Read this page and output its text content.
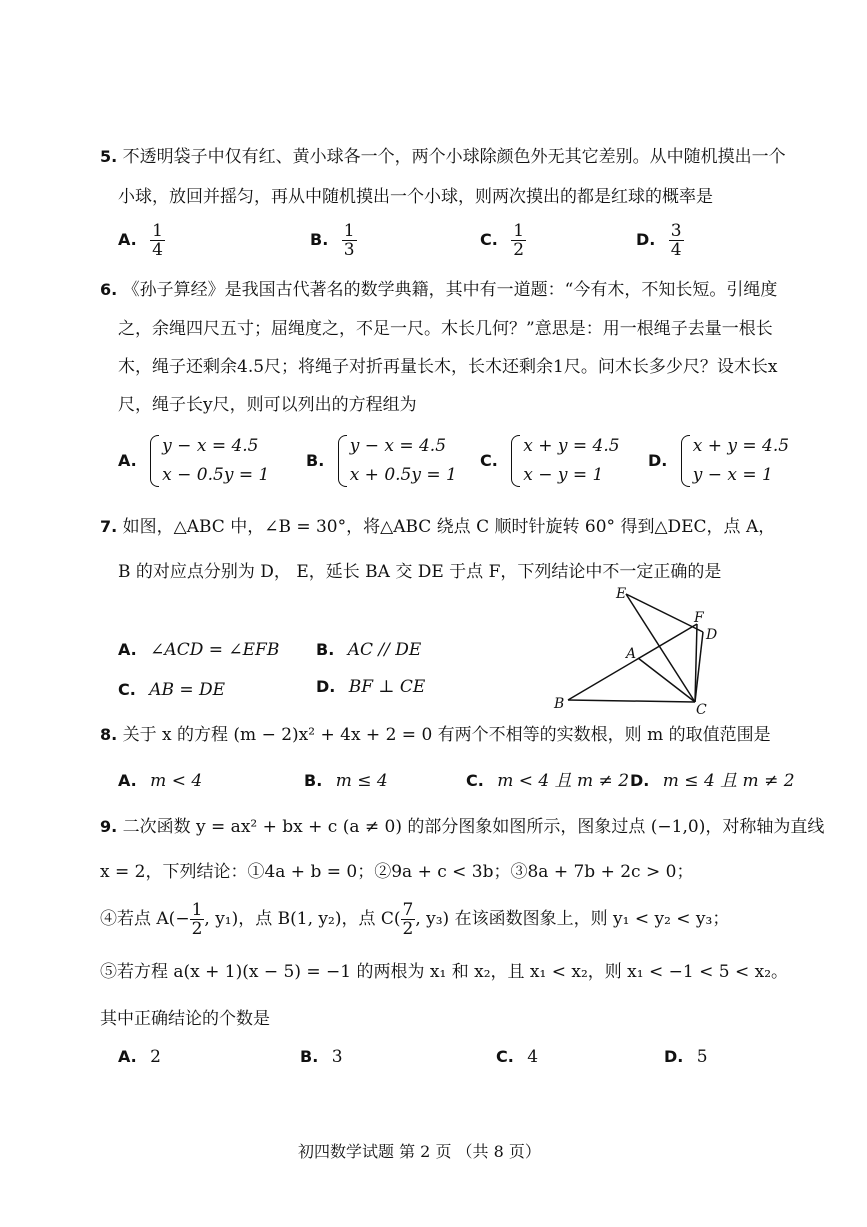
5. 不透明袋子中仅有红、黄小球各一个，两个小球除颜色外无其它差别。从中随机摸出一个
小球，放回并摇匀，再从中随机摸出一个小球，则两次摸出的都是红球的概率是
A. $\frac{1}{4}$	B. $\frac{1}{3}$	C. $\frac{1}{2}$	D. $\frac{3}{4}$
6. 《孙子算经》是我国古代著名的数学典籍，其中有一道题：“今有木，不知长短。引绳度
之，余绳四尺五寸；屈绳度之，不足一尺。木长几何？”意思是：用一根绳子去量一根长
木，绳子还剩余4.5尺；将绳子对折再量长木，长木还剩余1尺。问木长多少尺？设木长x
尺，绳子长y尺，则可以列出的方程组为
A.
y − x = 4.5
x − 0.5y = 1
B.
y − x = 4.5
x + 0.5y = 1
C.
x + y = 4.5
x − y = 1
D.
x + y = 4.5
y − x = 1
7. 如图，△ABC 中，∠B = 30°，将△ABC 绕点 C 顺时针旋转 60° 得到△DEC，点 A，
B 的对应点分别为 D， E，延长 BA 交 DE 于点 F，下列结论中不一定正确的是
A. ∠ACD = ∠EFB B. AC // DE
C. AB = DE	D. BF ⊥ CE
E
F
D
A
B	C
8. 关于 x 的方程 (m − 2)x² + 4x + 2 = 0 有两个不相等的实数根，则 m 的取值范围是
A. m < 4	B. m ≤ 4	C. m < 4 且 m ≠ 2 D. m ≤ 4 且 m ≠ 2
9. 二次函数 y = ax² + bx + c (a ≠ 0) 的部分图象如图所示，图象过点 (−1,0)，对称轴为直线
x = 2，下列结论：①4a + b = 0；②9a + c < 3b；③8a + 7b + 2c > 0；
④若点 $A(- \frac{1}{2}$ , y₁)，点 B(1, y₂)，点 $C( \frac{7}{2}$ , y₃) 在该函数图象上，则 y₁ < y₂ < y₃；
⑤若方程 a(x + 1)(x − 5) = −1 的两根为 x₁ 和 x₂，且 x₁ < x₂，则 x₁ < −1 < 5 < x₂。
其中正确结论的个数是
A. 2	B. 3	C. 4	D. 5
初四数学试题 第 2 页 （共 8 页）
